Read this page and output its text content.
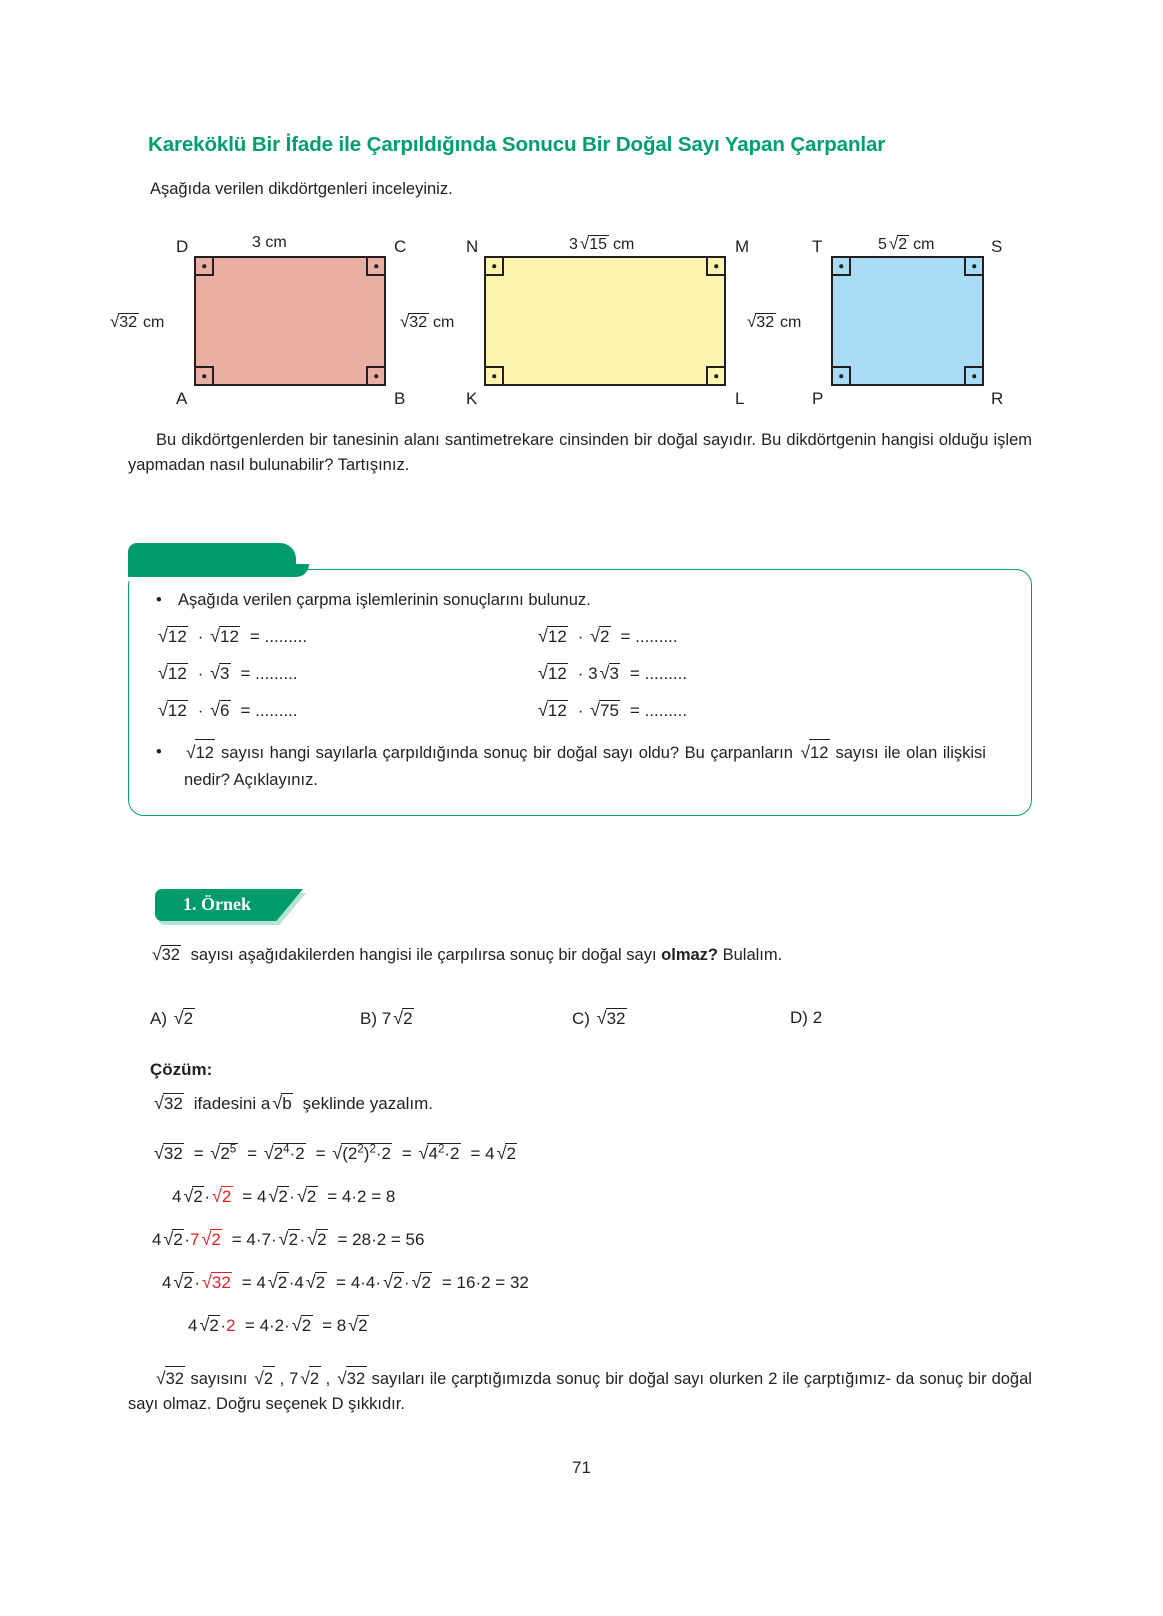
Kareköklü Bir İfade ile Çarpıldığında Sonucu Bir Doğal Sayı Yapan Çarpanlar
Aşağıda verilen dikdörtgenleri inceleyiniz.
D	C
A	B
3 cm
√32 cm
N	M
K	L
3 √15 cm
√32 cm
T	S
P	R
5 √2 cm
√32 cm
Bu dikdörtgenlerden bir tanesinin alanı santimetrekare cinsinden bir doğal sayıdır. Bu dikdörtgenin hangisi olduğu işlem yapmadan nasıl bulunabilir? Tartışınız.
• Aşağıda verilen çarpma işlemlerinin sonuçlarını bulunuz.
√12  · √12  = .........
√12  · √3  = .........
√12  · √6  = .........
√12  · √2  = .........
√12  · 3 √3  = .........
√12  · √75  = .........
•	√12 sayısı hangi sayılarla çarpıldığında sonuç bir doğal sayı oldu? Bu çarpanların √12 sayısı ile olan ilişkisi nedir? Açıklayınız.
1. Örnek
√32 sayısı aşağıdakilerden hangisi ile çarpılırsa sonuç bir doğal sayı olmaz? Bulalım.
A) √2	B) 7 √2	C) √32	D) 2
Çözüm:
√32 ifadesini a √b şeklinde yazalım.
$√32 = √2^5 = √2^4\cdot 2 = √(2^2)^2\cdot 2 = √4^2\cdot 2 = 4$ √2
4 √2· √2  = 4 √2· √2  = 4·2 = 8
4 √2·7 √2  = 4·7· √2· √2  = 28·2 = 56
4 √2· √32  = 4 √2·4 √2  = 4·4· √2· √2  = 16·2 = 32
4 √2·2  = 4·2· √2  = 8 √2
√32 sayısını √2 , 7 √2 , √32 sayıları ile çarptığımızda sonuç bir doğal sayı olurken 2 ile çarptığımız- da sonuç bir doğal sayı olmaz. Doğru seçenek D şıkkıdır.
71
